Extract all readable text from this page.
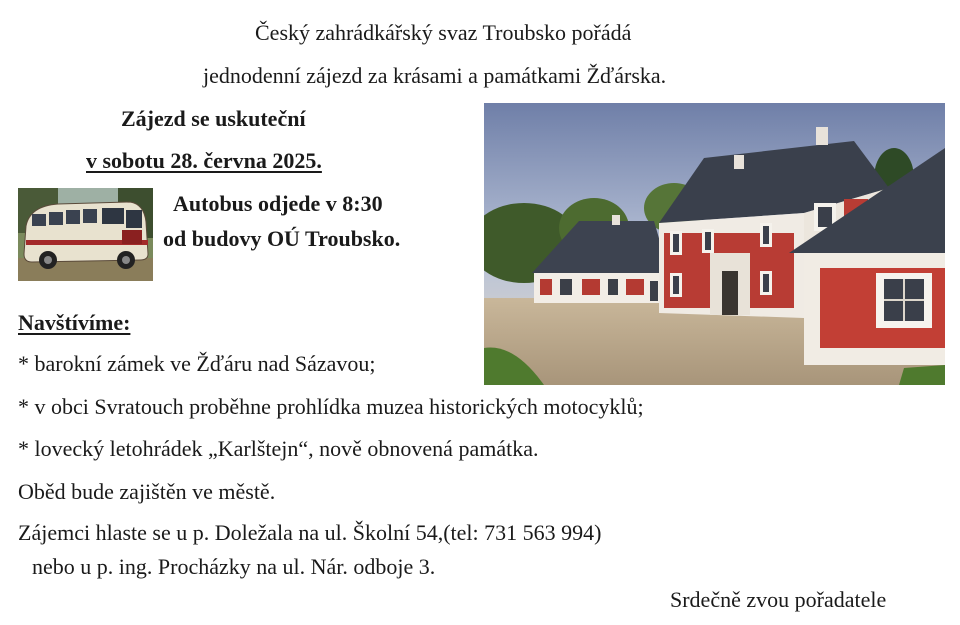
Český zahrádkářský svaz Troubsko pořádá
jednodenní zájezd za krásami a památkami Žďárska.
Zájezd se uskuteční
v sobotu 28. června 2025.
Autobus odjede v 8:30
od budovy OÚ Troubsko.
Navštívíme:
* barokní zámek ve Žďáru nad Sázavou;
* v obci Svratouch proběhne prohlídka muzea historických motocyklů;
* lovecký letohrádek „Karlštejn“, nově obnovená památka.
Oběd bude zajištěn ve městě.
Zájemci hlaste se u p. Doležala na ul. Školní 54,(tel: 731 563 994)
nebo u p. ing. Procházky na ul. Nár. odboje 3.
Srdečně zvou pořadatele
